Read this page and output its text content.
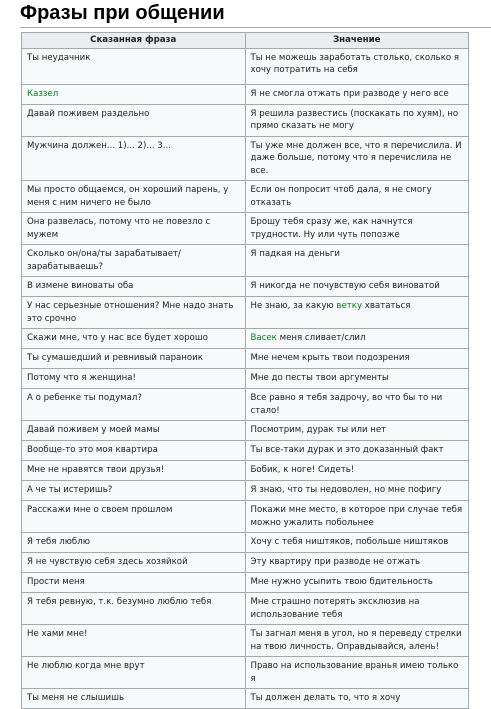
Фразы при общении
Сказанная фраза	Значение
Ты неудачник	Ты не можешь заработать столько, сколько я хочу потратить на себя
Каззел	Я не смогла отжать при разводе у него все
Давай поживем раздельно	Я решила развестись (поскакать по хуям), но прямо сказать не могу
Мужчина должен... 1)... 2)... 3...	Ты уже мне должен все, что я перечислила. И даже больше, потому что я перечислила не все.
Мы просто общаемся, он хороший парень, у меня с ним ничего не было	Если он попросит чтоб дала, я не смогу отказать
Она развелась, потому что не повезло с мужем	Брошу тебя сразу же, как начнутся трудности. Ну или чуть попозже
Сколько он/она/ты зарабатывает/зарабатываешь?	Я падкая на деньги
В измене виноваты оба	Я никогда не почувствую себя виноватой
У нас серьезные отношения? Мне надо знать это срочно	Не знаю, за какую ветку хвататься
Скажи мне, что у нас все будет хорошо	Васек меня сливает/слил
Ты сумашедший и ревнивый параноик	Мне нечем крыть твои подозрения
Потому что я женщина!	Мне до песты твои аргументы
А о ребенке ты подумал?	Все равно я тебя задрочу, во что бы то ни стало!
Давай поживем у моей мамы	Посмотрим, дурак ты или нет
Вообще-то это моя квартира	Ты все-таки дурак и это доказанный факт
Мне не нравятся твои друзья!	Бобик, к ноге! Сидеть!
А че ты истеришь?	Я знаю, что ты недоволен, но мне пофигу
Расскажи мне о своем прошлом	Покажи мне место, в которое при случае тебя можно ужалить побольнее
Я тебя люблю	Хочу с тебя ништяков, побольше ништяков
Я не чувствую себя здесь хозяйкой	Эту квартиру при разводе не отжать
Прости меня	Мне нужно усыпить твою бдительность
Я тебя ревную, т.к. безумно люблю тебя	Мне страшно потерять эксклюзив на использование тебя
Не хами мне!	Ты загнал меня в угол, но я переведу стрелки на твою личность. Оправдывайся, алень!
Не люблю когда мне врут	Право на использование вранья имею только я
Ты меня не слышишь	Ты должен делать то, что я хочу
